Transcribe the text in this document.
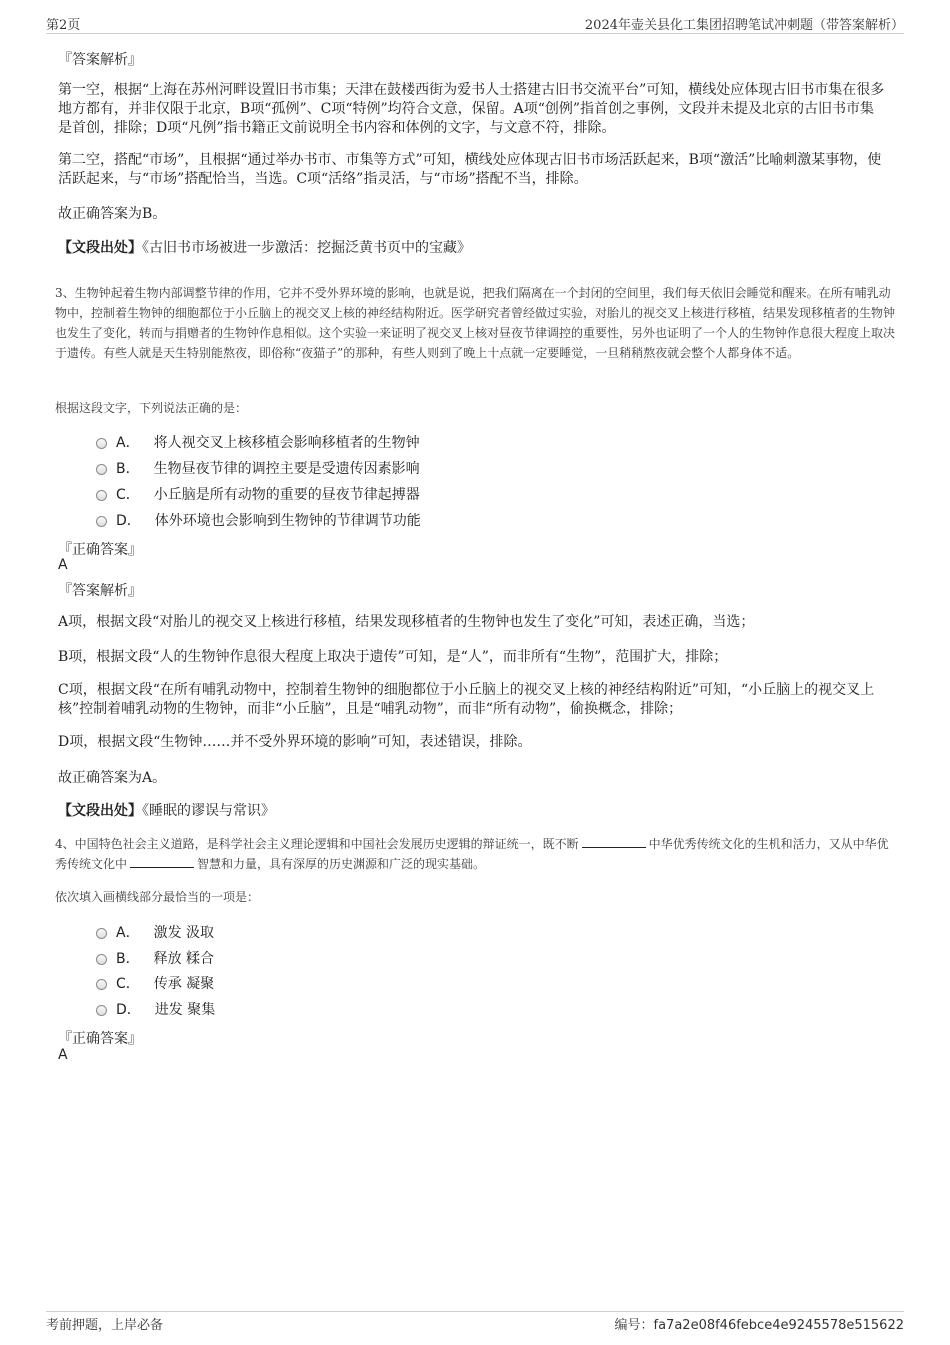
第2页	2024年壶关县化工集团招聘笔试冲刺题（带答案解析）
『答案解析』
第一空，根据“上海在苏州河畔设置旧书市集；天津在鼓楼西街为爱书人士搭建古旧书交流平台”可知，横线处应体现古旧书市集在很多地方都有，并非仅限于北京，B项“孤例”、C项“特例”均符合文意，保留。A项“创例”指首创之事例，文段并未提及北京的古旧书市集是首创，排除；D项“凡例”指书籍正文前说明全书内容和体例的文字，与文意不符，排除。
第二空，搭配“市场”，且根据“通过举办书市、市集等方式”可知，横线处应体现古旧书市场活跃起来，B项“激活”比喻刺激某事物，使活跃起来，与“市场”搭配恰当，当选。C项“活络”指灵活，与“市场”搭配不当，排除。
故正确答案为B。
【文段出处】《古旧书市场被进一步激活：挖掘泛黄书页中的宝藏》
3、生物钟起着生物内部调整节律的作用，它并不受外界环境的影响，也就是说，把我们隔离在一个封闭的空间里，我们每天依旧会睡觉和醒来。在所有哺乳动物中，控制着生物钟的细胞都位于小丘脑上的视交叉上核的神经结构附近。医学研究者曾经做过实验，对胎儿的视交叉上核进行移植，结果发现移植者的生物钟也发生了变化，转而与捐赠者的生物钟作息相似。这个实验一来证明了视交叉上核对昼夜节律调控的重要性，另外也证明了一个人的生物钟作息很大程度上取决于遗传。有些人就是天生特别能熬夜，即俗称“夜猫子”的那种，有些人则到了晚上十点就一定要睡觉，一旦稍稍熬夜就会整个人都身体不适。
根据这段文字，下列说法正确的是：
A． 将人视交叉上核移植会影响移植者的生物钟
B． 生物昼夜节律的调控主要是受遗传因素影响
C． 小丘脑是所有动物的重要的昼夜节律起搏器
D． 体外环境也会影响到生物钟的节律调节功能
『正确答案』
A
『答案解析』
A项，根据文段“对胎儿的视交叉上核进行移植，结果发现移植者的生物钟也发生了变化”可知，表述正确，当选；
B项，根据文段“人的生物钟作息很大程度上取决于遗传”可知，是“人”，而非所有“生物”，范围扩大，排除；
C项，根据文段“在所有哺乳动物中，控制着生物钟的细胞都位于小丘脑上的视交叉上核的神经结构附近”可知，“小丘脑上的视交叉上核”控制着哺乳动物的生物钟，而非“小丘脑”，且是“哺乳动物”，而非“所有动物”，偷换概念，排除；
D项，根据文段“生物钟……并不受外界环境的影响”可知，表述错误，排除。
故正确答案为A。
【文段出处】《睡眠的谬误与常识》
4、中国特色社会主义道路，是科学社会主义理论逻辑和中国社会发展历史逻辑的辩证统一，既不断	中华优秀传统文化的生机和活力，又从中华优秀传统文化中	智慧和力量，具有深厚的历史渊源和广泛的现实基础。
依次填入画横线部分最恰当的一项是：
A． 激发 汲取
B． 释放 糅合
C． 传承 凝聚
D． 进发 聚集
『正确答案』
A
考前押题，上岸必备	编号：fa7a2e08f46febce4e9245578e515622
